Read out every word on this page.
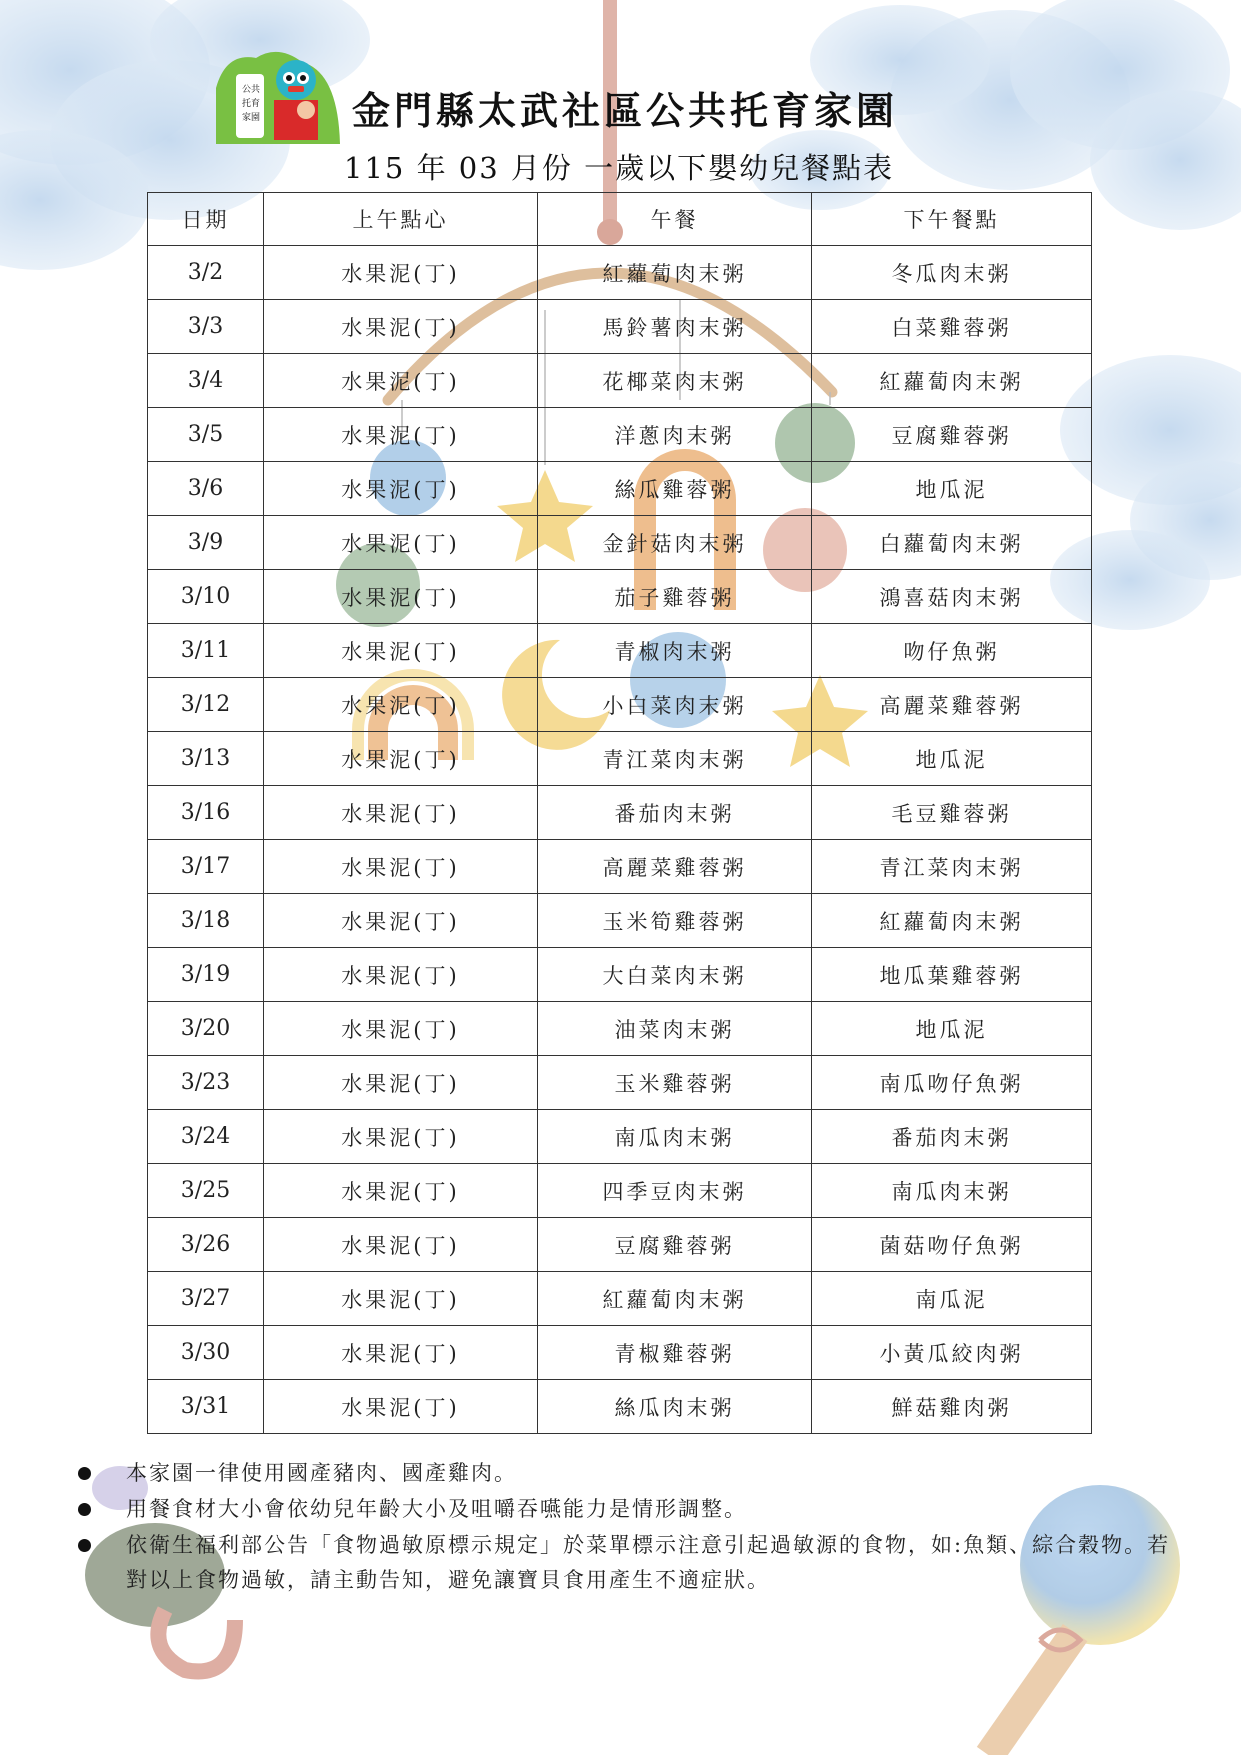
公共
托育
家園 金門縣太武社區公共托育家園
115 年 03 月份 一歲以下嬰幼兒餐點表
日期	上午點心	午餐	下午餐點
3/2	水果泥(丁)	紅蘿蔔肉末粥	冬瓜肉末粥
3/3	水果泥(丁)	馬鈴薯肉末粥	白菜雞蓉粥
3/4	水果泥(丁)	花椰菜肉末粥	紅蘿蔔肉末粥
3/5	水果泥(丁)	洋蔥肉末粥	豆腐雞蓉粥
3/6	水果泥(丁)	絲瓜雞蓉粥	地瓜泥
3/9	水果泥(丁)	金針菇肉末粥	白蘿蔔肉末粥
3/10	水果泥(丁)	茄子雞蓉粥	鴻喜菇肉末粥
3/11	水果泥(丁)	青椒肉末粥	吻仔魚粥
3/12	水果泥(丁)	小白菜肉末粥	高麗菜雞蓉粥
3/13	水果泥(丁)	青江菜肉末粥	地瓜泥
3/16	水果泥(丁)	番茄肉末粥	毛豆雞蓉粥
3/17	水果泥(丁)	高麗菜雞蓉粥	青江菜肉末粥
3/18	水果泥(丁)	玉米筍雞蓉粥	紅蘿蔔肉末粥
3/19	水果泥(丁)	大白菜肉末粥	地瓜葉雞蓉粥
3/20	水果泥(丁)	油菜肉末粥	地瓜泥
3/23	水果泥(丁)	玉米雞蓉粥	南瓜吻仔魚粥
3/24	水果泥(丁)	南瓜肉末粥	番茄肉末粥
3/25	水果泥(丁)	四季豆肉末粥	南瓜肉末粥
3/26	水果泥(丁)	豆腐雞蓉粥	菌菇吻仔魚粥
3/27	水果泥(丁)	紅蘿蔔肉末粥	南瓜泥
3/30	水果泥(丁)	青椒雞蓉粥	小黃瓜絞肉粥
3/31	水果泥(丁)	絲瓜肉末粥	鮮菇雞肉粥
本家園一律使用國產豬肉、國產雞肉。
用餐食材大小會依幼兒年齡大小及咀嚼吞嚥能力是情形調整。
依衛生福利部公告「食物過敏原標示規定」於菜單標示注意引起過敏源的食物，如:魚類、綜合穀物。若對以上食物過敏，請主動告知，避免讓寶貝食用產生不適症狀。
